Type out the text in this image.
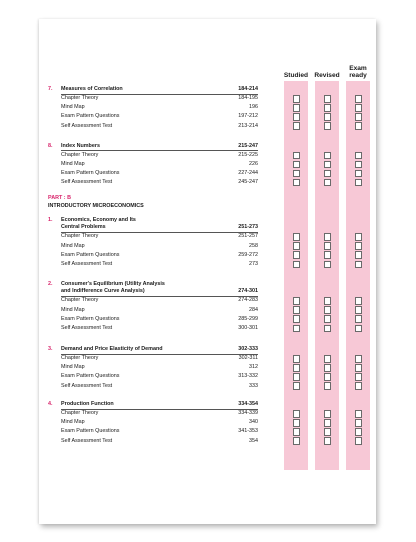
Studied Revised
Exam
ready
7. Measures of Correlation	184-214
Chapter Theory	184-195
Mind Map	196
Exam Pattern Questions	197-212
Self Assessment Test	213-214
8. Index Numbers	215-247
Chapter Theory	215-225
Mind Map	226
Exam Pattern Questions	227-244
Self Assessment Test	245-247
PART : B
INTRODUCTORY MICROECONOMICS
1. Economics, Economy and Its
Central Problems	251-273
Chapter Theory	251-257
Mind Map	258
Exam Pattern Questions	259-272
Self Assessment Test	273
2. Consumer's Equilibrium (Utility Analysis
and Indifference Curve Analysis)	274-301
Chapter Theory	274-283
Mind Map	284
Exam Pattern Questions	285-299
Self Assessment Test	300-301
3. Demand and Price Elasticity of Demand	302-333
Chapter Theory	302-311
Mind Map	312
Exam Pattern Questions	313-332
Self Assessment Test	333
4. Production Function	334-354
Chapter Theory	334-339
Mind Map	340
Exam Pattern Questions	341-353
Self Assessment Test	354
